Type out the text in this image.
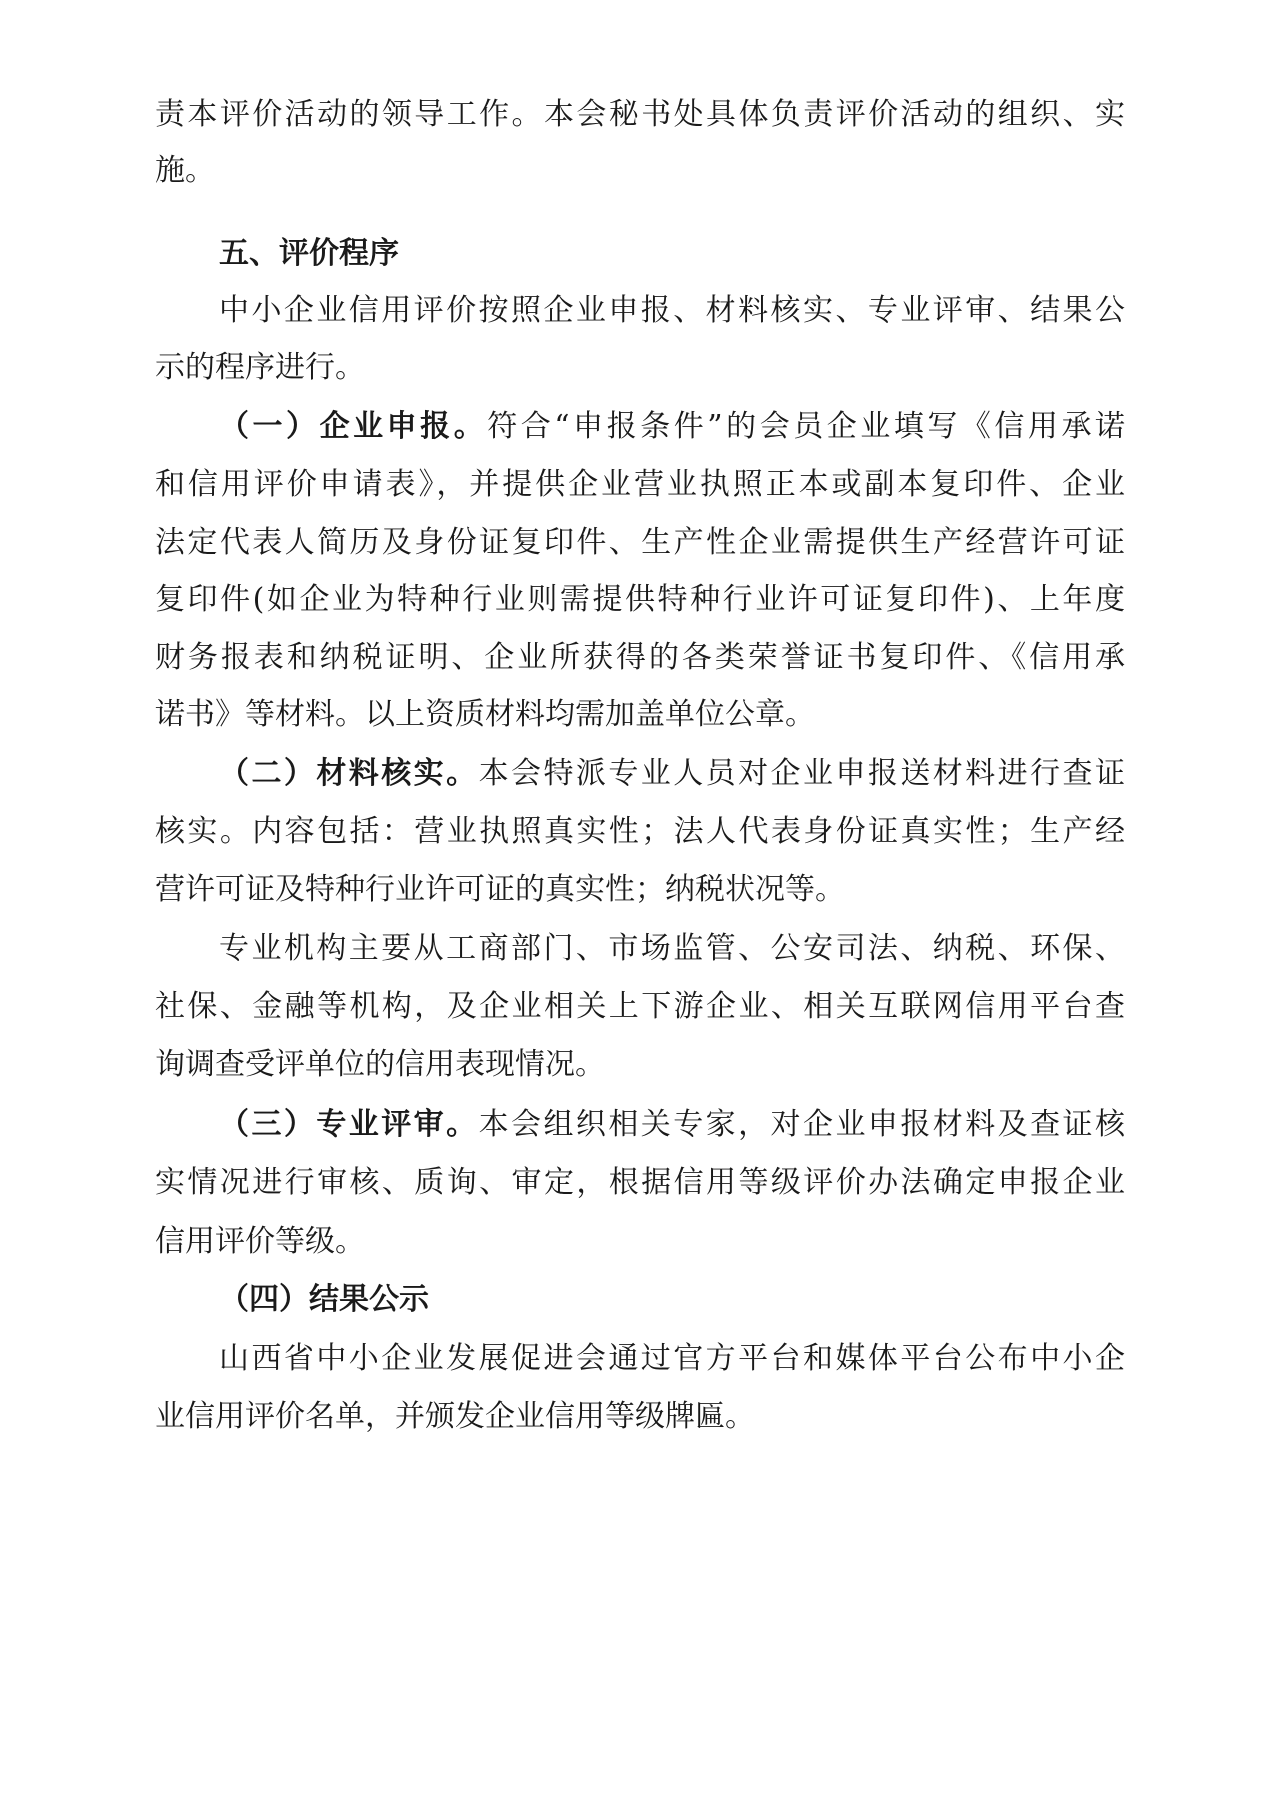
责本评价活动的领导工作。本会秘书处具体负责评价活动的组织、实
施。
五、评价程序
中小企业信用评价按照企业申报、材料核实、专业评审、结果公
示的程序进行。
（一）企业申报。符合“申报条件”的会员企业填写《信用承诺
和信用评价申请表》，并提供企业营业执照正本或副本复印件、企业
法定代表人简历及身份证复印件、生产性企业需提供生产经营许可证
复印件(如企业为特种行业则需提供特种行业许可证复印件)、上年度
财务报表和纳税证明、企业所获得的各类荣誉证书复印件、《信用承
诺书》等材料。以上资质材料均需加盖单位公章。
（二）材料核实。本会特派专业人员对企业申报送材料进行查证
核实。内容包括：营业执照真实性；法人代表身份证真实性；生产经
营许可证及特种行业许可证的真实性；纳税状况等。
专业机构主要从工商部门、市场监管、公安司法、纳税、环保、
社保、金融等机构，及企业相关上下游企业、相关互联网信用平台查
询调查受评单位的信用表现情况。
（三）专业评审。本会组织相关专家，对企业申报材料及查证核
实情况进行审核、质询、审定，根据信用等级评价办法确定申报企业
信用评价等级。
（四）结果公示
山西省中小企业发展促进会通过官方平台和媒体平台公布中小企
业信用评价名单，并颁发企业信用等级牌匾。
